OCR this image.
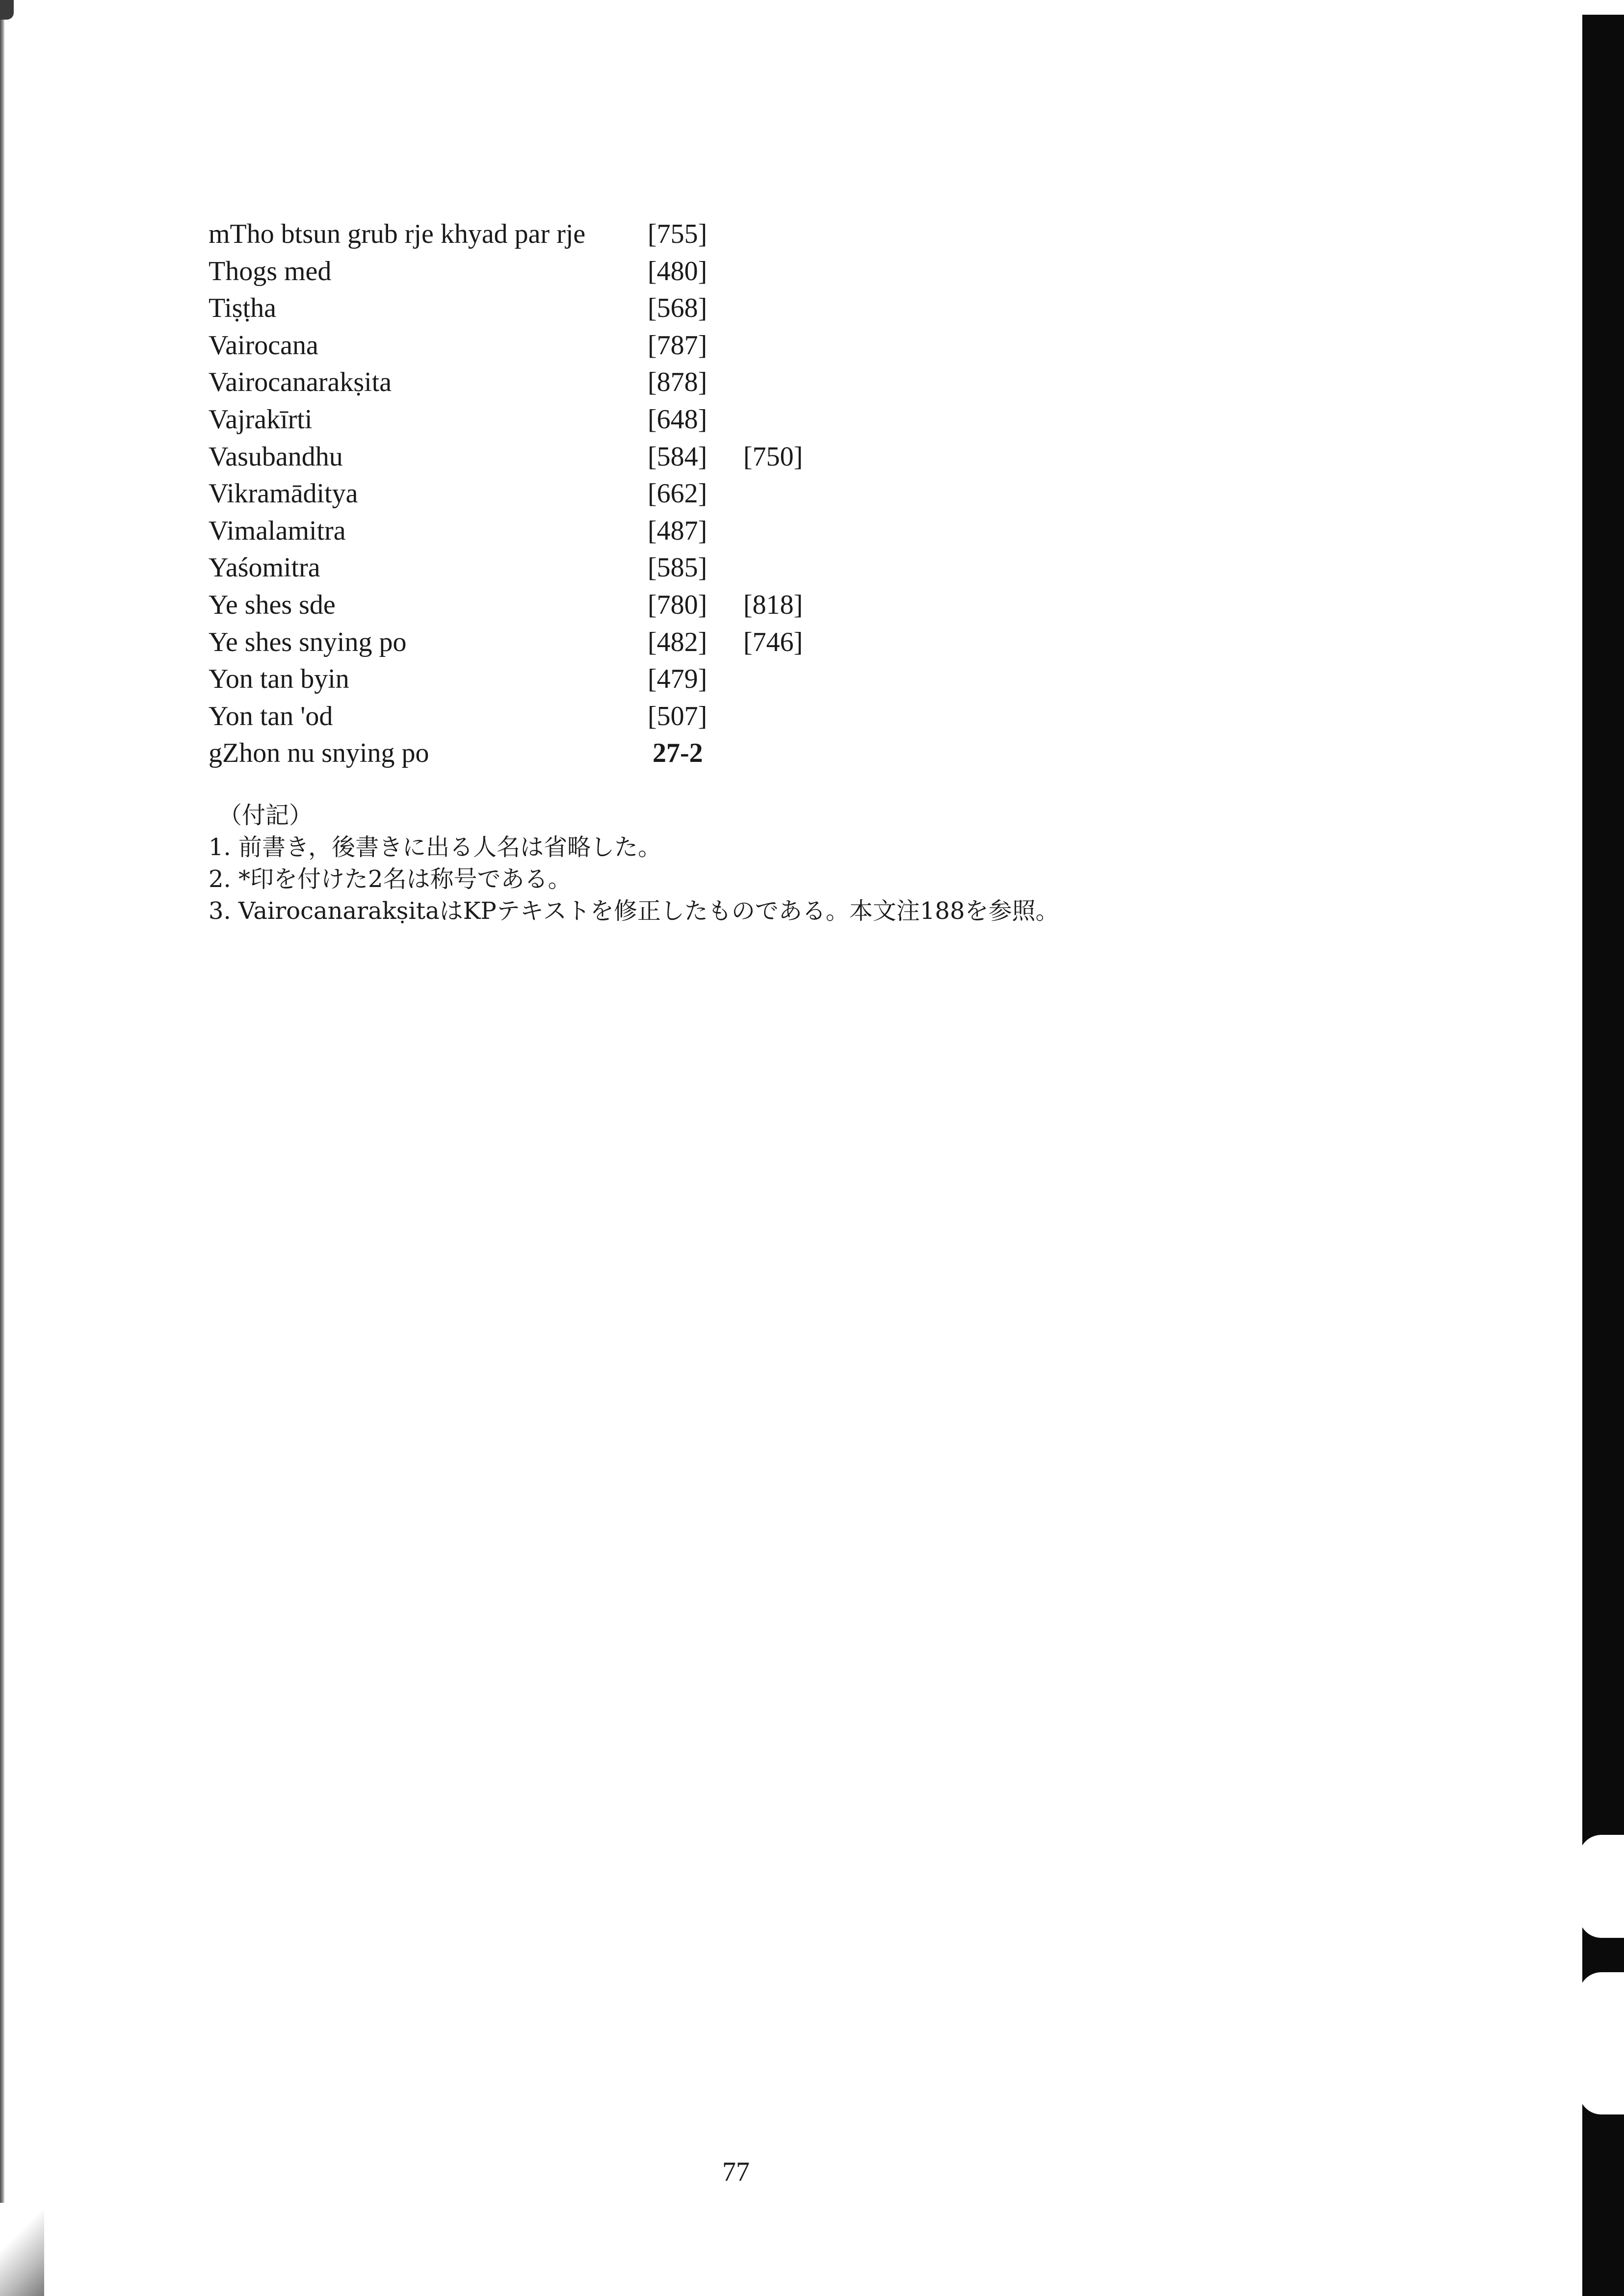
mTho btsun grub rje khyad par rje [755]
Thogs med	[480]
Tiṣṭha	[568]
Vairocana	[787]
Vairocanarakṣita	[878]
Vajrakīrti	[648]
Vasubandhu	[584] [750]
Vikramāditya	[662]
Vimalamitra	[487]
Yaśomitra	[585]
Ye shes sde	[780] [818]
Ye shes snying po	[482] [746]
Yon tan byin	[479]
Yon tan 'od	[507]
gZhon nu snying po	27-2
（付記）
1. 前書き，後書きに出る人名は省略した。
2. *印を付けた2名は称号である。
3. VairocanarakṣitaはKPテキストを修正したものである。本文注188を参照。
77
